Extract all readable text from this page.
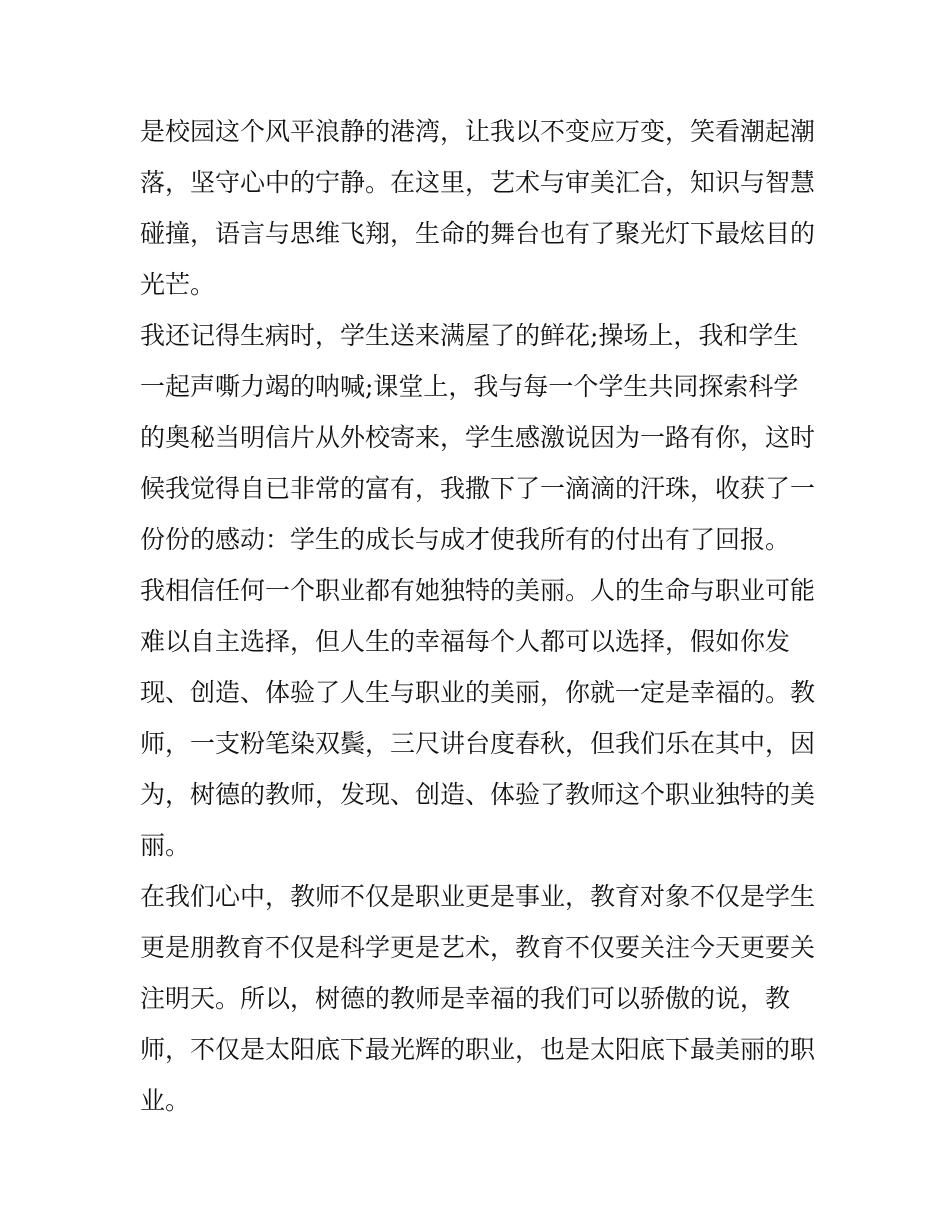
是校园这个风平浪静的港湾，让我以不变应万变，笑看潮起潮
落，坚守心中的宁静。在这里，艺术与审美汇合，知识与智慧
碰撞，语言与思维飞翔，生命的舞台也有了聚光灯下最炫目的
光芒。
我还记得生病时，学生送来满屋了的鲜花;操场上，我和学生
一起声嘶力竭的呐喊;课堂上，我与每一个学生共同探索科学
的奥秘当明信片从外校寄来，学生感激说因为一路有你，这时
候我觉得自已非常的富有，我撒下了一滴滴的汗珠，收获了一
份份的感动：学生的成长与成才使我所有的付出有了回报。
我相信任何一个职业都有她独特的美丽。人的生命与职业可能
难以自主选择，但人生的幸福每个人都可以选择，假如你发
现、创造、体验了人生与职业的美丽，你就一定是幸福的。教
师，一支粉笔染双鬓，三尺讲台度春秋，但我们乐在其中，因
为，树德的教师，发现、创造、体验了教师这个职业独特的美
丽。
在我们心中，教师不仅是职业更是事业，教育对象不仅是学生
更是朋教育不仅是科学更是艺术，教育不仅要关注今天更要关
注明天。所以，树德的教师是幸福的我们可以骄傲的说，教
师，不仅是太阳底下最光辉的职业，也是太阳底下最美丽的职
业。
